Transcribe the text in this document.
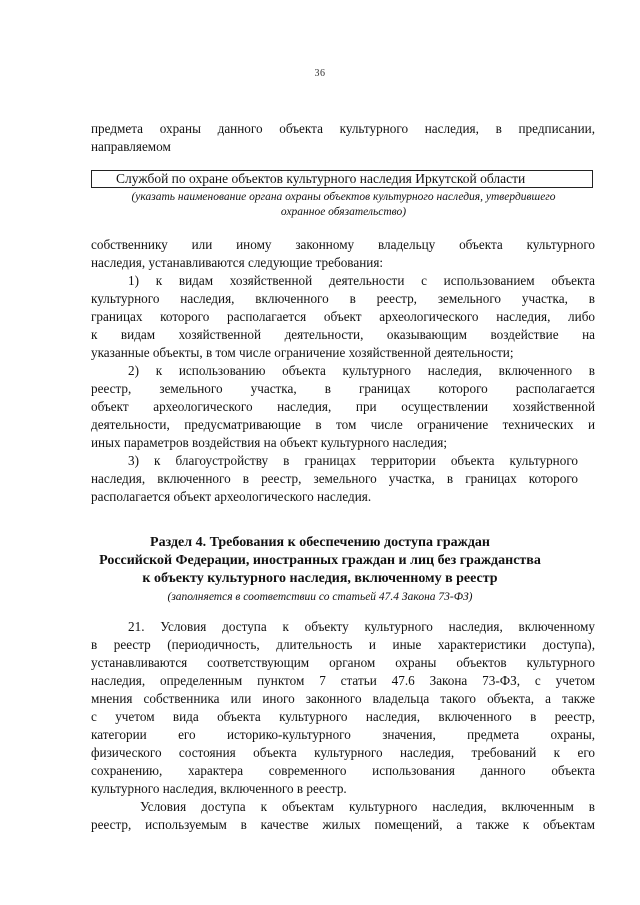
36
предмета охраны данного объекта культурного наследия, в предписании,
направляемом
Службой по охране объектов культурного наследия Иркутской области
(указать наименование органа охраны объектов культурного наследия, утвердившего
охранное обязательство)
собственнику или иному законному владельцу объекта культурного
наследия, устанавливаются следующие требования:
1) к видам хозяйственной деятельности с использованием объекта
культурного наследия, включенного в реестр, земельного участка, в
границах которого располагается объект археологического наследия, либо
к видам хозяйственной деятельности, оказывающим воздействие на
указанные объекты, в том числе ограничение хозяйственной деятельности;
2) к использованию объекта культурного наследия, включенного в
реестр, земельного участка, в границах которого располагается
объект археологического наследия, при осуществлении хозяйственной
деятельности, предусматривающие в том числе ограничение технических и
иных параметров воздействия на объект культурного наследия;
3) к благоустройству в границах территории объекта культурного
наследия, включенного в реестр, земельного участка, в границах которого
располагается объект археологического наследия.
Раздел 4. Требования к обеспечению доступа граждан
Российской Федерации, иностранных граждан и лиц без гражданства
к объекту культурного наследия, включенному в реестр
(заполняется в соответствии со статьей 47.4 Закона 73-ФЗ)
21. Условия доступа к объекту культурного наследия, включенному
в реестр (периодичность, длительность и иные характеристики доступа),
устанавливаются соответствующим органом охраны объектов культурного
наследия, определенным пунктом 7 статьи 47.6 Закона 73-ФЗ, с учетом
мнения собственника или иного законного владельца такого объекта, а также
с учетом вида объекта культурного наследия, включенного в реестр,
категории его историко-культурного значения, предмета охраны,
физического состояния объекта культурного наследия, требований к его
сохранению, характера современного использования данного объекта
культурного наследия, включенного в реестр.
Условия доступа к объектам культурного наследия, включенным в
реестр, используемым в качестве жилых помещений, а также к объектам
